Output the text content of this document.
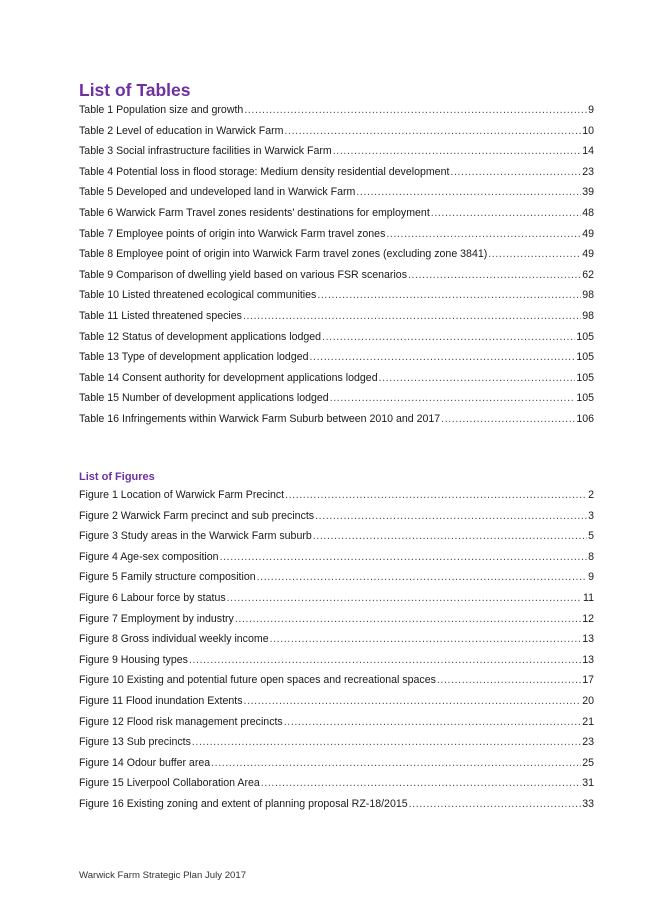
List of Tables
Table 1 Population size and growth .....	9
Table 2 Level of education in Warwick Farm .....	10
Table 3 Social infrastructure facilities in Warwick Farm .....	14
Table 4 Potential loss in flood storage: Medium density residential development .....	23
Table 5 Developed and undeveloped land in Warwick Farm .....	39
Table 6 Warwick Farm Travel zones residents' destinations for employment .....	48
Table 7 Employee points of origin into Warwick Farm travel zones .....	49
Table 8 Employee point of origin into Warwick Farm travel zones (excluding zone 3841) .....	49
Table 9 Comparison of dwelling yield based on various FSR scenarios .....	62
Table 10 Listed threatened ecological communities .....	98
Table 11 Listed threatened species .....	98
Table 12 Status of development applications lodged .....	105
Table 13 Type of development application lodged .....	105
Table 14 Consent authority for development applications lodged .....	105
Table 15 Number of development applications lodged .....	105
Table 16 Infringements within Warwick Farm Suburb between 2010 and 2017 .....	106
List of Figures
Figure 1 Location of Warwick Farm Precinct .....	2
Figure 2 Warwick Farm precinct and sub precincts .....	3
Figure 3 Study areas in the Warwick Farm suburb .....	5
Figure 4 Age-sex composition .....	8
Figure 5 Family structure composition .....	9
Figure 6 Labour force by status .....	11
Figure 7 Employment by industry .....	12
Figure 8 Gross individual weekly income .....	13
Figure 9 Housing types .....	13
Figure 10 Existing and potential future open spaces and recreational spaces .....	17
Figure 11 Flood inundation Extents .....	20
Figure 12 Flood risk management precincts .....	21
Figure 13 Sub precincts .....	23
Figure 14 Odour buffer area .....	25
Figure 15 Liverpool Collaboration Area .....	31
Figure 16 Existing zoning and extent of planning proposal RZ-18/2015 .....	33
Warwick Farm Strategic Plan July 2017
